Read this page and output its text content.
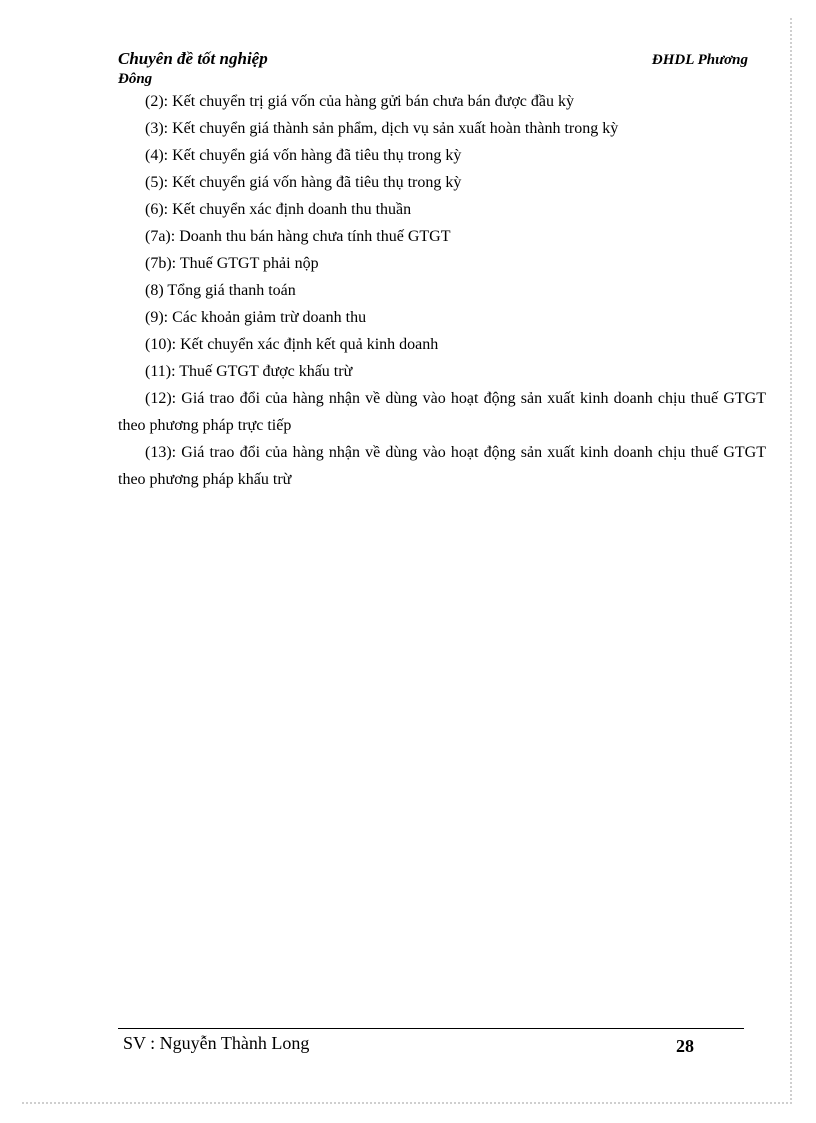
Chuyên đề tốt nghiệp
Đông
ĐHDL Phương

(2): Kết chuyển trị giá vốn của hàng gửi bán chưa bán được đầu kỳ

(3): Kết chuyển giá thành sản phẩm, dịch vụ sản xuất hoàn thành trong kỳ

(4): Kết chuyển giá vốn hàng đã tiêu thụ trong kỳ

(5): Kết chuyển giá vốn hàng đã tiêu thụ trong kỳ

(6): Kết chuyển xác định doanh thu thuần

(7a): Doanh thu bán hàng chưa tính thuế GTGT

(7b): Thuế GTGT phải nộp

(8) Tổng giá thanh toán

(9): Các khoản giảm trừ doanh thu

(10): Kết chuyển xác định kết quả kinh doanh

(11): Thuế GTGT được khấu trừ

(12): Giá trao đổi của hàng nhận về dùng vào hoạt động sản xuất kinh doanh chịu thuế GTGT theo phương pháp trực tiếp

(13): Giá trao đổi của hàng nhận về dùng vào hoạt động sản xuất kinh doanh chịu thuế GTGT theo phương pháp khấu trừ

SV : Nguyễn Thành Long	28
